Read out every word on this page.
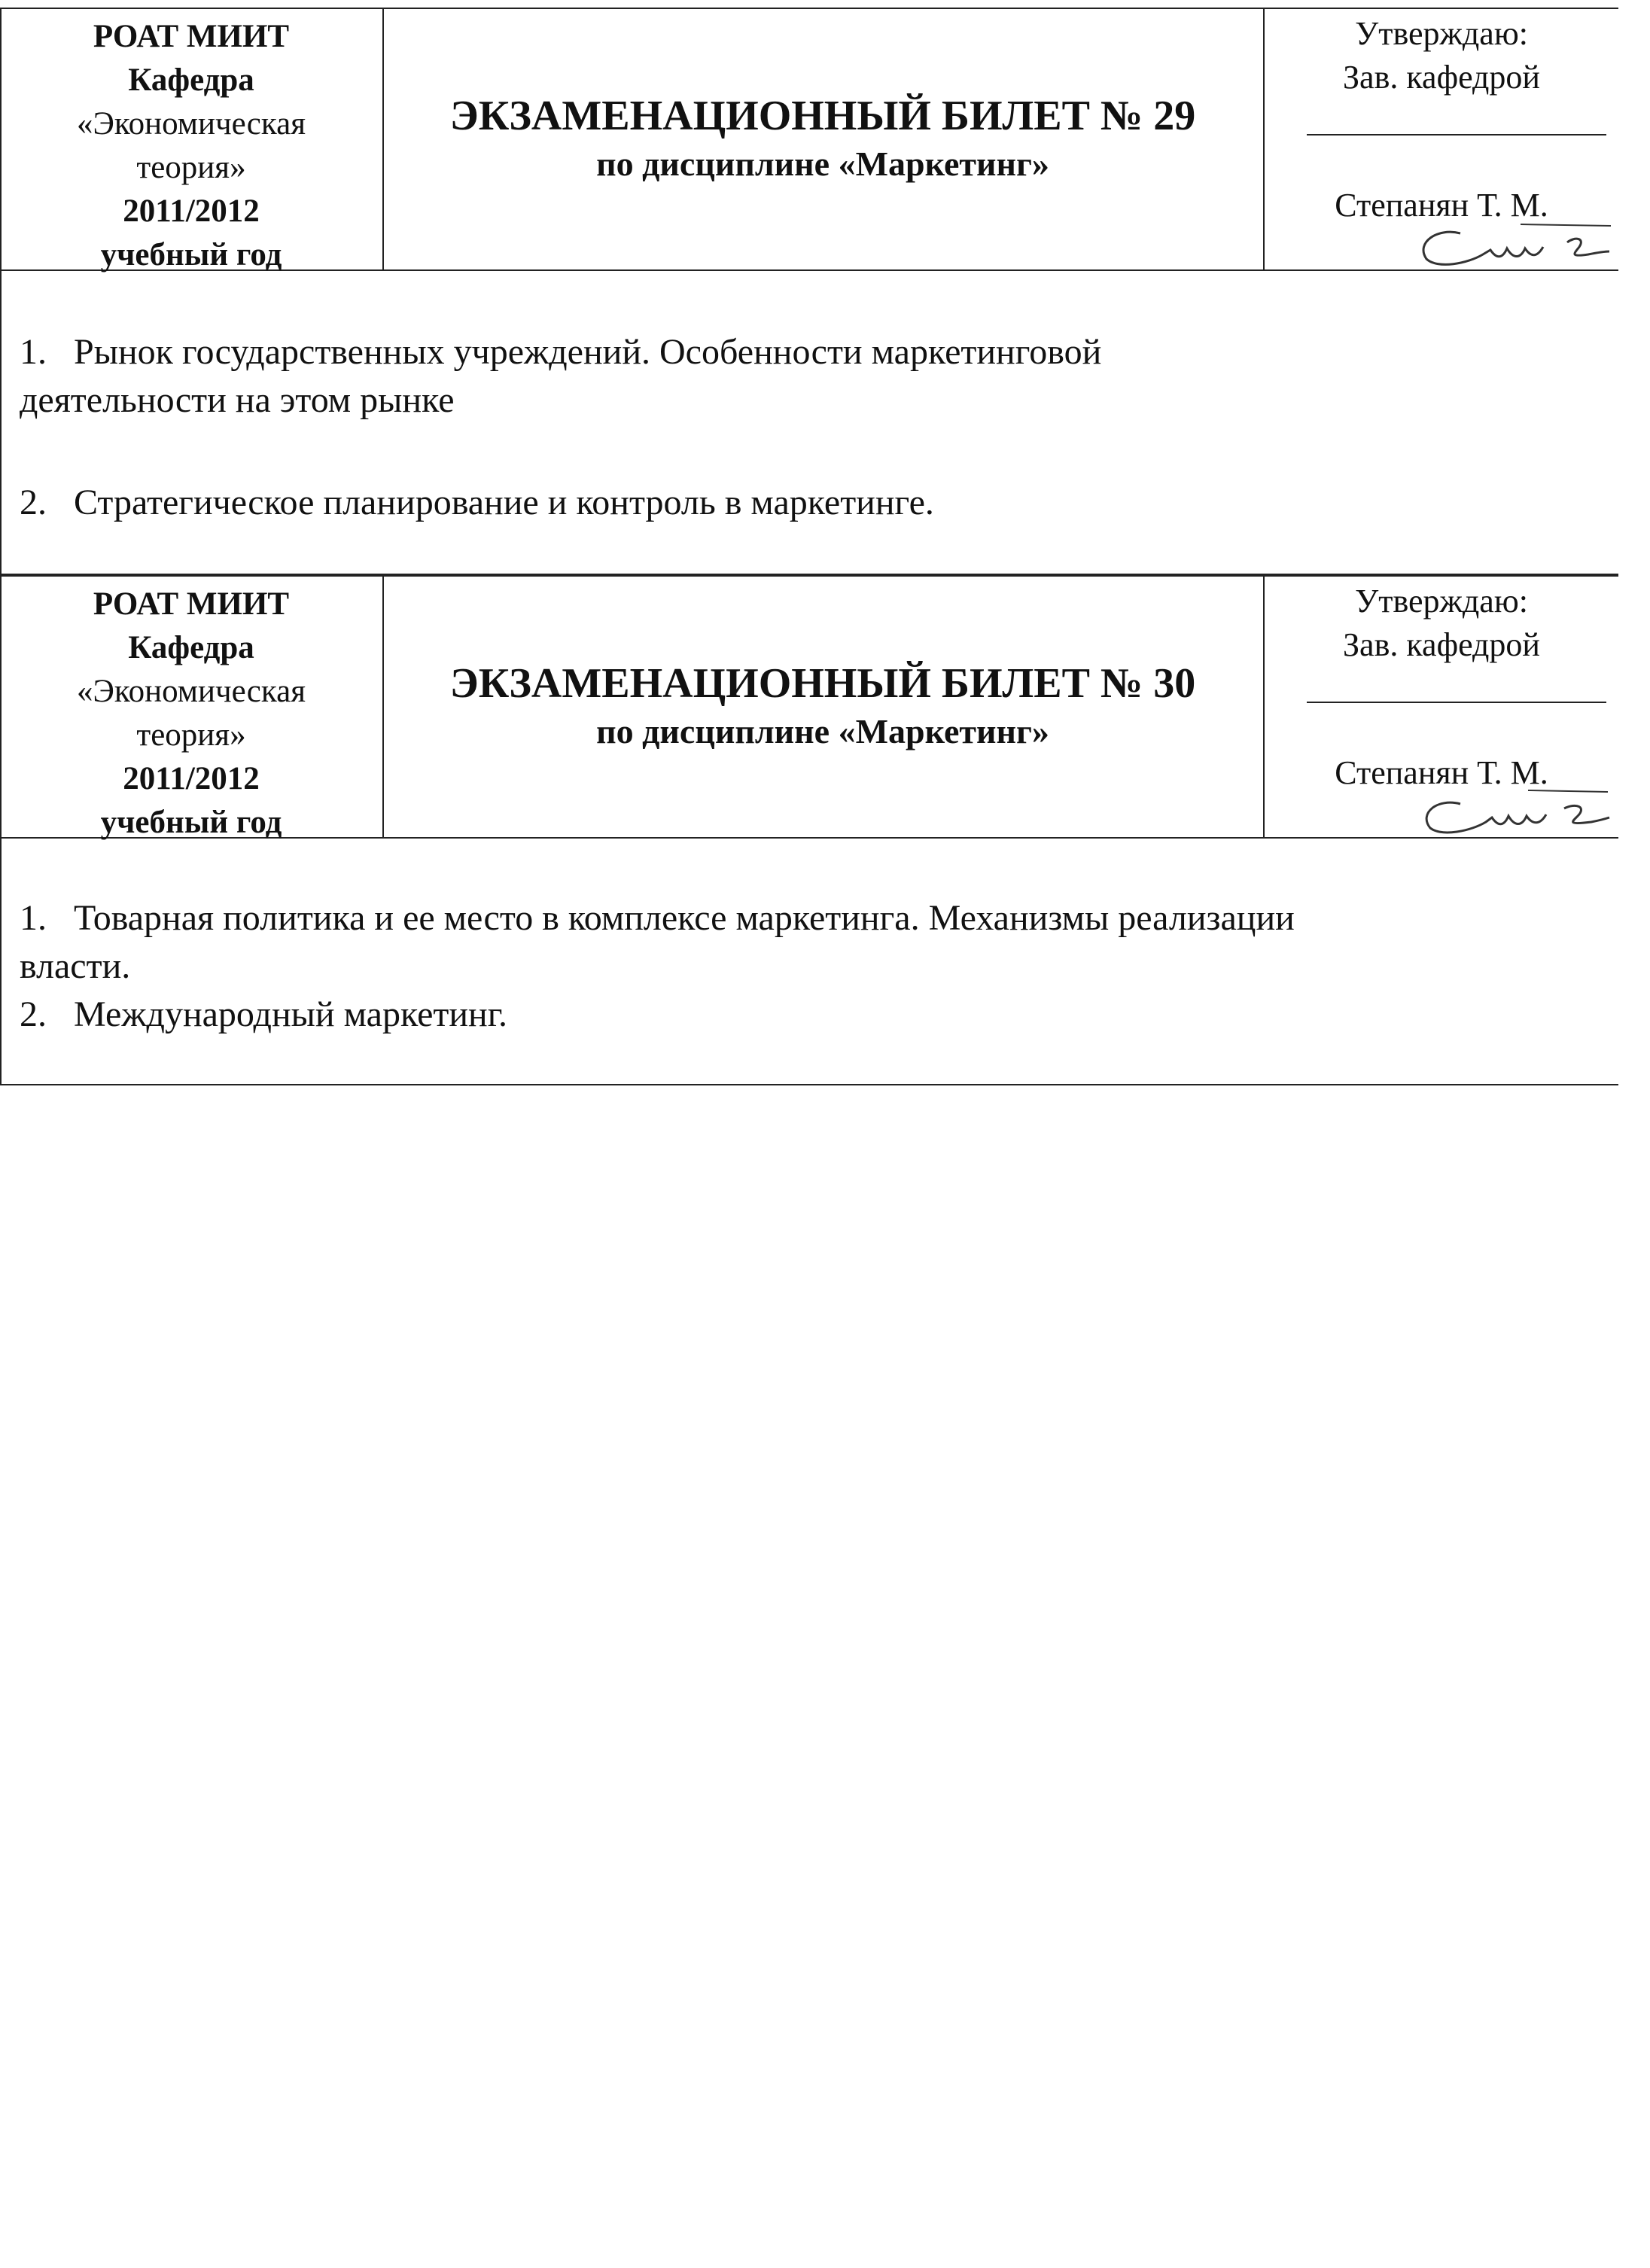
РОАТ МИИТ
Кафедра
«Экономическая
теория»
2011/2012
учебный год
ЭКЗАМЕНАЦИОННЫЙ БИЛЕТ № 29
по дисциплине «Маркетинг»
Утверждаю:
Зав. кафедрой
Степанян Т. М.
1. Рынок государственных учреждений. Особенности маркетинговой
деятельности на этом рынке
2. Стратегическое планирование и контроль в маркетинге.
РОАТ МИИТ
Кафедра
«Экономическая
теория»
2011/2012
учебный год
ЭКЗАМЕНАЦИОННЫЙ БИЛЕТ № 30
по дисциплине «Маркетинг»
Утверждаю:
Зав. кафедрой
Степанян Т. М.
1. Товарная политика и ее место в комплексе маркетинга. Механизмы реализации
власти.
2. Международный маркетинг.
